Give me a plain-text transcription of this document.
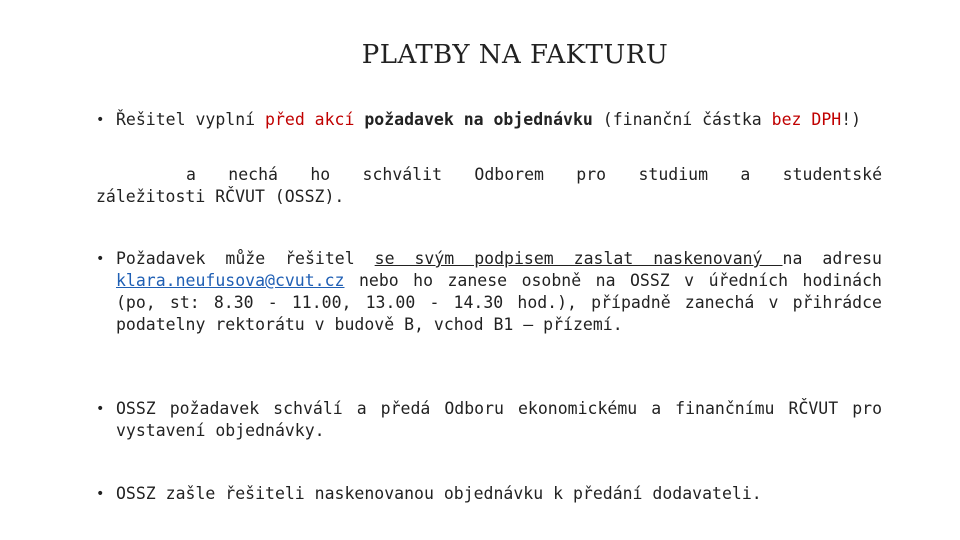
PLATBY NA FAKTURU
• Řešitel vyplní před akcí požadavek na objednávku (finanční částka bez DPH!)
a nechá ho schválit Odborem pro studium a studentské
záležitosti RČVUT (OSSZ).
• Požadavek může řešitel se svým podpisem zaslat naskenovaný na adresu klara.neufusova@cvut.cz nebo ho zanese osobně na OSSZ v úředních hodinách (po, st: 8.30 - 11.00, 13.00 - 14.30 hod.), případně zanechá v přihrádce podatelny rektorátu v budově B, vchod B1 – přízemí.
• OSSZ požadavek schválí a předá Odboru ekonomickému a finančnímu RČVUT pro vystavení objednávky.
• OSSZ zašle řešiteli naskenovanou objednávku k předání dodavateli.
